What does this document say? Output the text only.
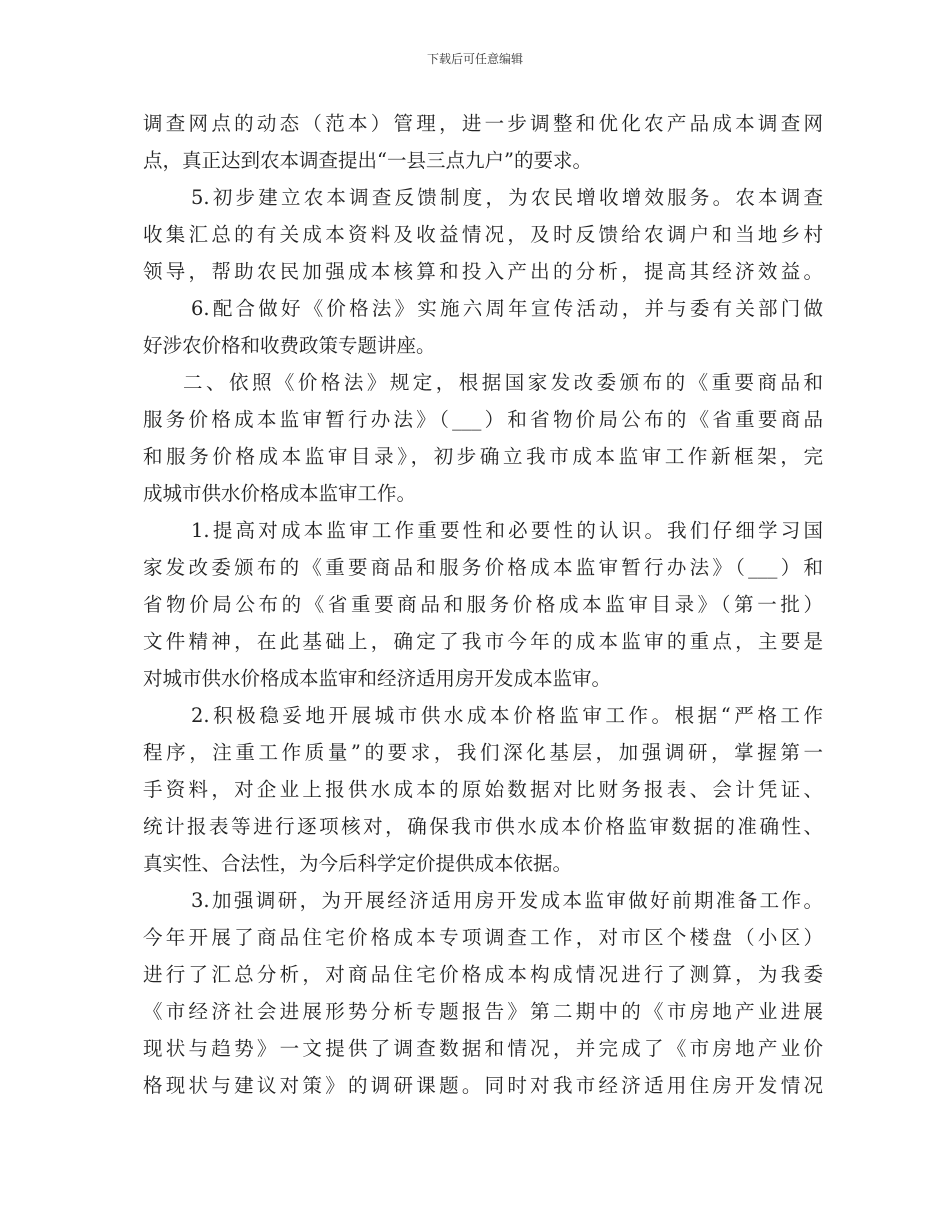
下载后可任意编辑
调查网点的动态（范本）管理，进一步调整和优化农产品成本调查网
点，真正达到农本调查提出“一县三点九户”的要求。
5.初步建立农本调查反馈制度，为农民增收增效服务。农本调查
收集汇总的有关成本资料及收益情况，及时反馈给农调户和当地乡村
领导，帮助农民加强成本核算和投入产出的分析，提高其经济效益。
6.配合做好《价格法》实施六周年宣传活动，并与委有关部门做
好涉农价格和收费政策专题讲座。
二、依照《价格法》规定，根据国家发改委颁布的《重要商品和
服务价格成本监审暂行办法》（___）和省物价局公布的《省重要商品
和服务价格成本监审目录》，初步确立我市成本监审工作新框架，完
成城市供水价格成本监审工作。
1.提高对成本监审工作重要性和必要性的认识。我们仔细学习国
家发改委颁布的《重要商品和服务价格成本监审暂行办法》（___）和
省物价局公布的《省重要商品和服务价格成本监审目录》（第一批）
文件精神，在此基础上，确定了我市今年的成本监审的重点，主要是
对城市供水价格成本监审和经济适用房开发成本监审。
2.积极稳妥地开展城市供水成本价格监审工作。根据“严格工作
程序，注重工作质量”的要求，我们深化基层，加强调研，掌握第一
手资料，对企业上报供水成本的原始数据对比财务报表、会计凭证、
统计报表等进行逐项核对，确保我市供水成本价格监审数据的准确性、
真实性、合法性，为今后科学定价提供成本依据。
3.加强调研，为开展经济适用房开发成本监审做好前期准备工作。
今年开展了商品住宅价格成本专项调查工作，对市区个楼盘（小区）
进行了汇总分析，对商品住宅价格成本构成情况进行了测算，为我委
《市经济社会进展形势分析专题报告》第二期中的《市房地产业进展
现状与趋势》一文提供了调查数据和情况，并完成了《市房地产业价
格现状与建议对策》的调研课题。同时对我市经济适用住房开发情况
